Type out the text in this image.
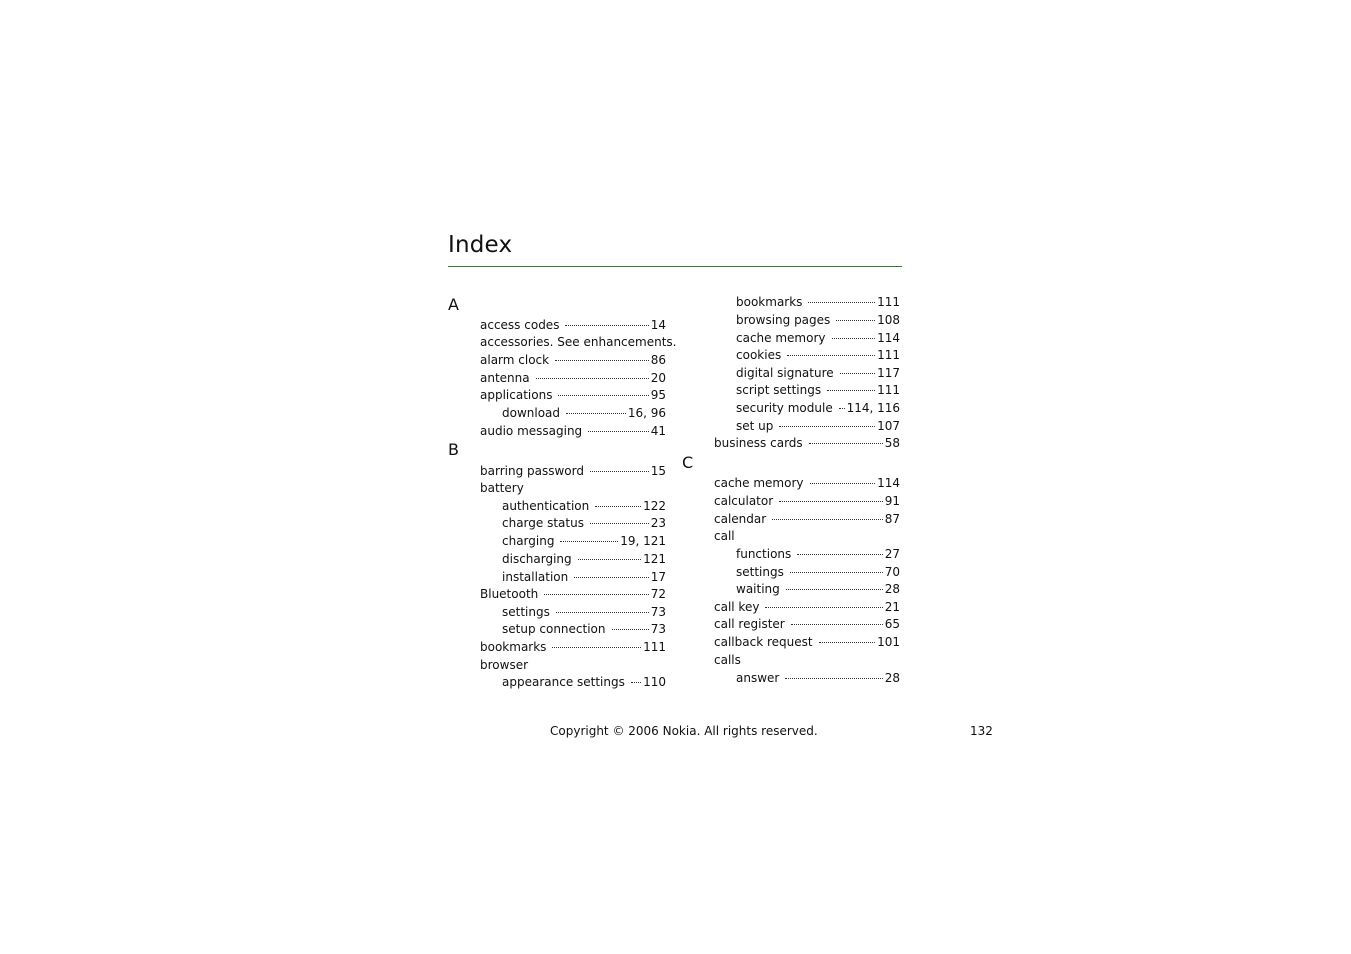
Index
A
access codes	14
accessories. See enhancements.
alarm clock	86
antenna	20
applications	95
download	16, 96
audio messaging	41
B
barring password	15
battery
authentication	122
charge status	23
charging	19, 121
discharging	121
installation	17
Bluetooth	72
settings	73
setup connection	73
bookmarks	111
browser
appearance settings 110
bookmarks	111
browsing pages	108
cache memory	114
cookies	111
digital signature	117
script settings	111
security module 114, 116
set up	107
business cards	58
C
cache memory	114
calculator	91
calendar	87
call
functions	27
settings	70
waiting	28
call key	21
call register	65
callback request	101
calls
answer	28
Copyright © 2006 Nokia. All rights reserved.	132
